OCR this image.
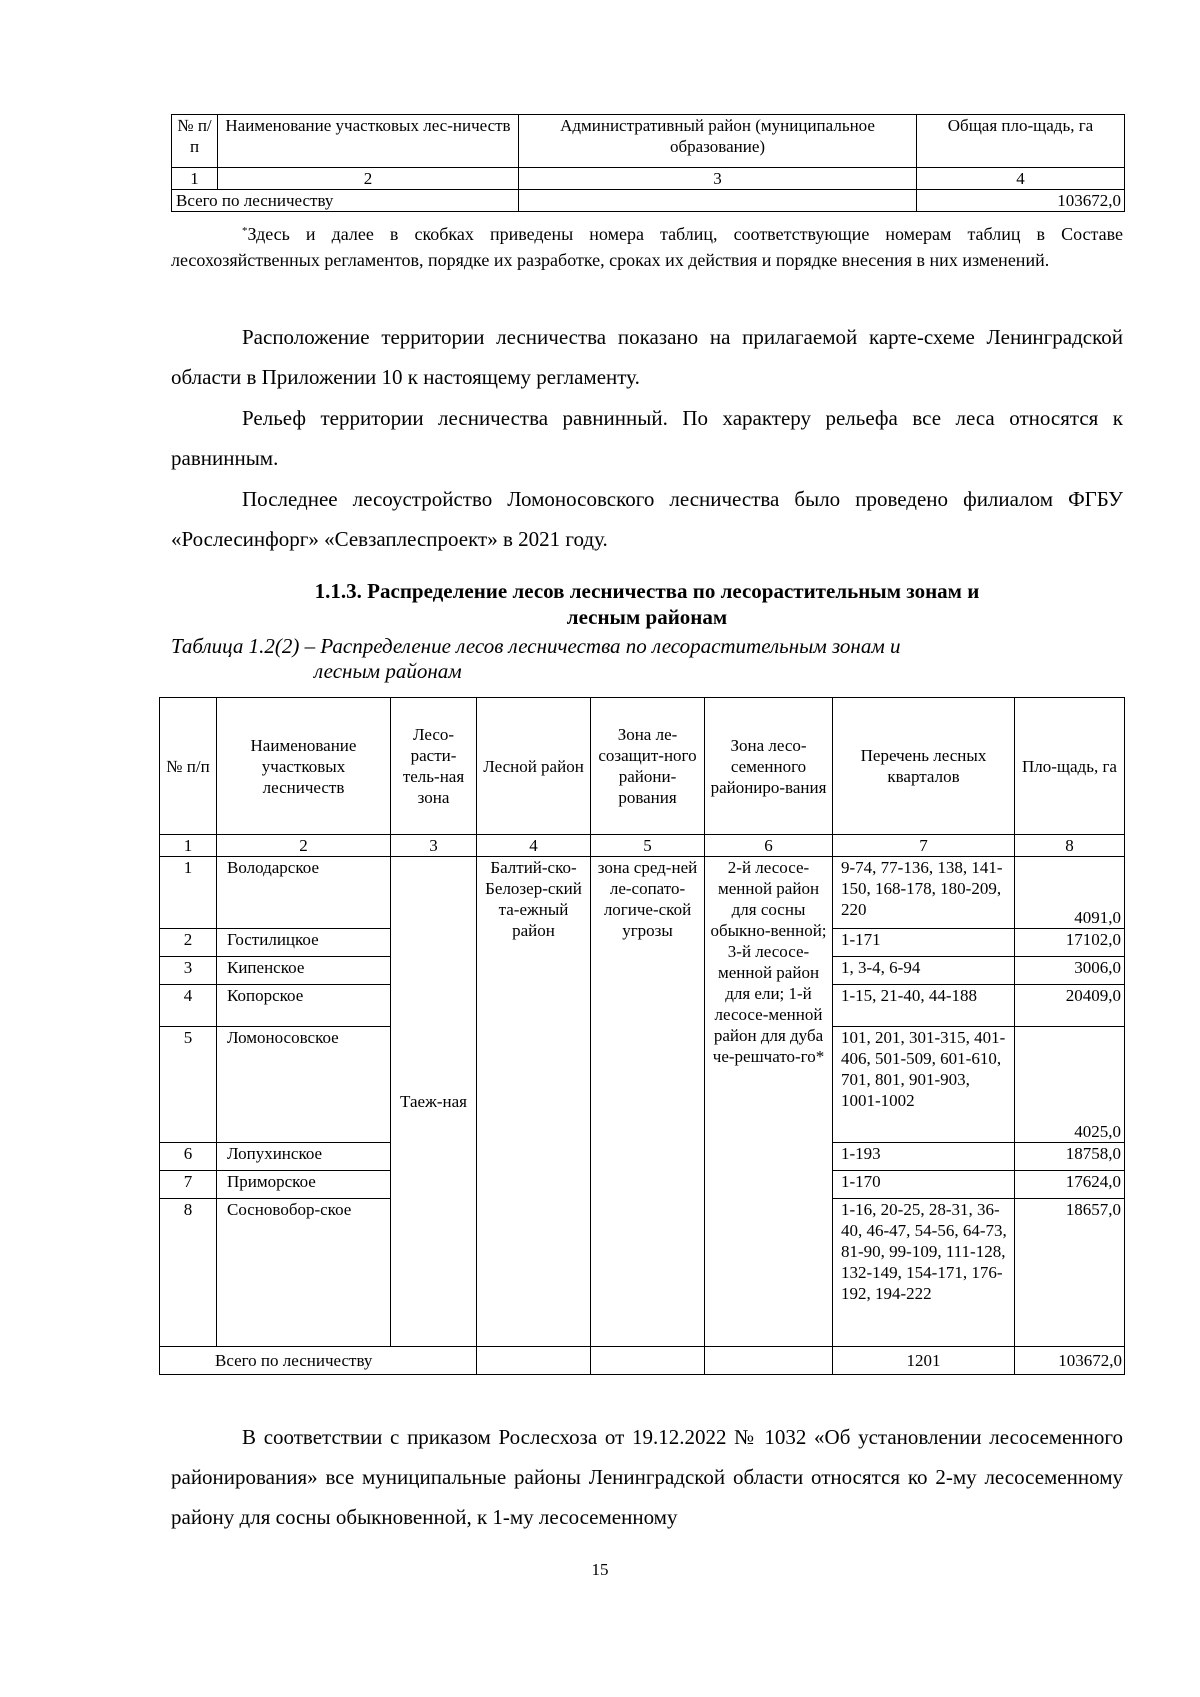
№ п/п	Наименование участковых лес-ничеств	Административный район (муниципальное образование)	Общая пло-щадь, га
1	2	3	4
Всего по лесничеству			103672,0
*Здесь и далее в скобках приведены номера таблиц, соответствующие номерам таблиц в Составе лесохозяйственных регламентов, порядке их разработке, сроках их действия и порядке внесения в них изменений.
Расположение территории лесничества показано на прилагаемой карте-схеме Ленинградской области в Приложении 10 к настоящему регламенту.
Рельеф территории лесничества равнинный. По характеру рельефа все леса относятся к равнинным.
Последнее лесоустройство Ломоносовского лесничества было проведено филиалом ФГБУ «Рослесинфорг» «Севзаплеспроект» в 2021 году.
1.1.3. Распределение лесов лесничества по лесорастительным зонам и
лесным районам
Таблица 1.2(2) – Распределение лесов лесничества по лесорастительным зонам и
лесным районам
№ п/п	Наименование участковых лесничеств	Лесо-расти-тель-ная зона	Лесной район	Зона ле-созащит-ного райони-рования	Зона лесо-семенного райониро-вания	Перечень лесных кварталов	Пло-щадь, га
1	2	3	4	5	6	7	8
1	Володарское	Таеж-ная	Балтий-ско-Белозер-ский та-ежный район	зона сред-ней ле-сопато-логиче-ской угрозы	2-й лесосе-менной район для сосны обыкно-венной; 3-й лесосе-менной район для ели; 1-й лесосе-менной район для дуба че-решчато-го*	9-74, 77-136, 138, 141-150, 168-178, 180-209, 220	4091,0
2	Гостилицкое					1-171	17102,0
3	Кипенское					1, 3-4, 6-94	3006,0
4	Копорское					1-15, 21-40, 44-188	20409,0
5	Ломоносовское					101, 201, 301-315, 401-406, 501-509, 601-610, 701, 801, 901-903, 1001-1002	4025,0
6	Лопухинское					1-193	18758,0
7	Приморское					1-170	17624,0
8	Сосновобор-ское					1-16, 20-25, 28-31, 36-40, 46-47, 54-56, 64-73, 81-90, 99-109, 111-128, 132-149, 154-171, 176-192, 194-222	18657,0
Всего по лесничеству						1201	103672,0
В соответствии с приказом Рослесхоза от 19.12.2022 № 1032 «Об установлении лесосеменного районирования» все муниципальные районы Ленинградской области относятся ко 2-му лесосеменному району для сосны обыкновенной, к 1-му лесосеменному
15
